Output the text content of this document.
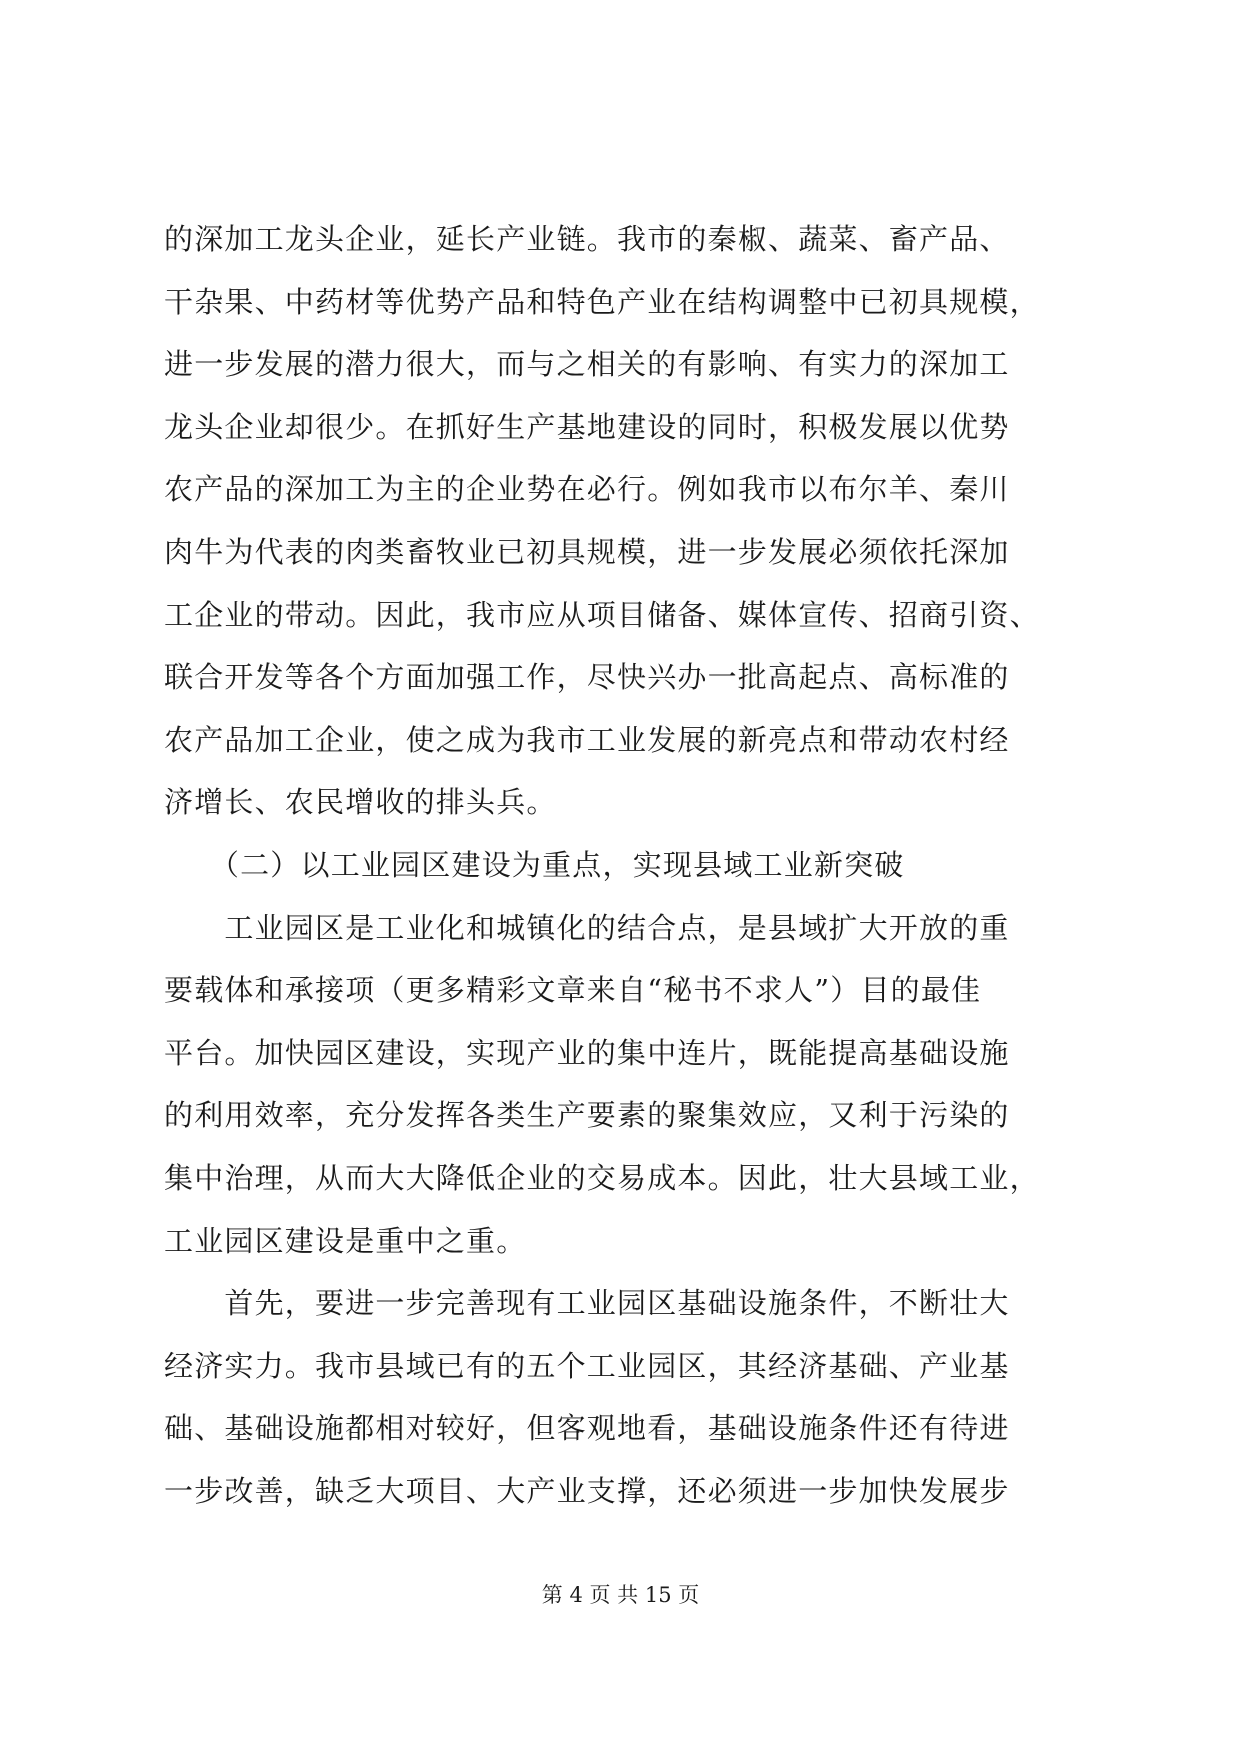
的深加工龙头企业，延长产业链。我市的秦椒、蔬菜、畜产品、
干杂果、中药材等优势产品和特色产业在结构调整中已初具规模，
进一步发展的潜力很大，而与之相关的有影响、有实力的深加工
龙头企业却很少。在抓好生产基地建设的同时，积极发展以优势
农产品的深加工为主的企业势在必行。例如我市以布尔羊、秦川
肉牛为代表的肉类畜牧业已初具规模，进一步发展必须依托深加
工企业的带动。因此，我市应从项目储备、媒体宣传、招商引资、
联合开发等各个方面加强工作，尽快兴办一批高起点、高标准的
农产品加工企业，使之成为我市工业发展的新亮点和带动农村经
济增长、农民增收的排头兵。
　　（二）以工业园区建设为重点，实现县域工业新突破
　　工业园区是工业化和城镇化的结合点，是县域扩大开放的重
要载体和承接项（更多精彩文章来自“秘书不求人”）目的最佳
平台。加快园区建设，实现产业的集中连片，既能提高基础设施
的利用效率，充分发挥各类生产要素的聚集效应，又利于污染的
集中治理，从而大大降低企业的交易成本。因此，壮大县域工业，
工业园区建设是重中之重。
　　首先，要进一步完善现有工业园区基础设施条件，不断壮大
经济实力。我市县域已有的五个工业园区，其经济基础、产业基
础、基础设施都相对较好，但客观地看，基础设施条件还有待进
一步改善，缺乏大项目、大产业支撑，还必须进一步加快发展步
第 4 页 共 15 页
